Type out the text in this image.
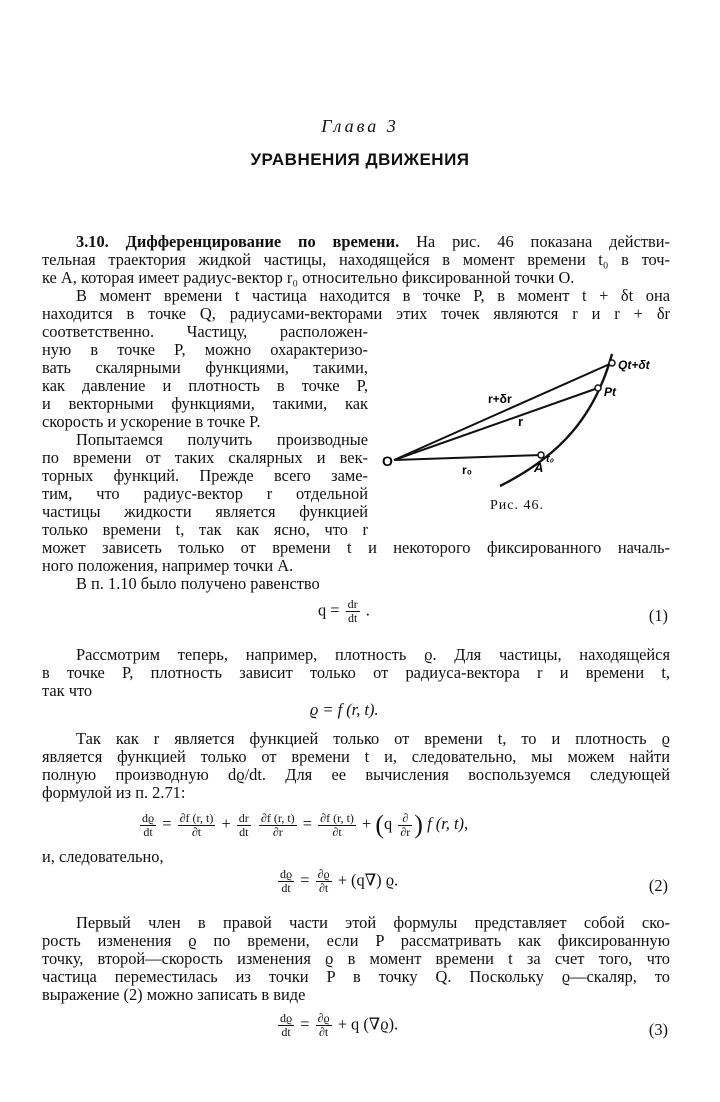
Глава 3
УРАВНЕНИЯ ДВИЖЕНИЯ
3.10. Дифференцирование по времени. На рис. 46 показана действи-
тельная траектория жидкой частицы, находящейся в момент времени t₀ в точ-
ке A, которая имеет радиус-вектор r₀ относительно фиксированной точки O.
В момент времени t частица находится в точке P, в момент t + δt она
находится в точке Q, радиусами-векторами этих точек являются r и r + δr
соответственно. Частицу, расположен-
ную в точке P, можно охарактеризо-
вать скалярными функциями, такими,
как давление и плотность в точке P,
и векторными функциями, такими, как
скорость и ускорение в точке P.
Попытаемся получить производные
по времени от таких скалярных и век-
торных функций. Прежде всего заме-
тим, что радиус-вектор r отдельной
частицы жидкости является функцией
только времени t, так как ясно, что r
может зависеть только от времени t и некоторого фиксированного началь-
ного положения, например точки A.
В п. 1.10 было получено равенство
$q = \frac{dr}{dt}$ .	(1)
Рассмотрим теперь, например, плотность ϱ. Для частицы, находящейся
в точке P, плотность зависит только от радиуса-вектора r и времени t,
так что
ϱ = f (r, t).
Так как r является функцией только от времени t, то и плотность ϱ
является функцией только от времени t и, следовательно, мы можем найти
полную производную dϱ/dt. Для ее вычисления воспользуемся следующей
формулой из п. 2.71:
$\frac{dϱ}{dt} = \frac{\partial f (r, t)}{\partial t} + \frac{dr}{dt}$
$\frac{\partial f (r, t)}{\partial r} = \frac{\partial f (r, t)}{\partial t} + (q \frac{\partial}{\partial r}$ ) f (r, t),
и, следовательно,
$\frac{dϱ}{dt} = \frac{\partial ϱ}{\partial t} + (q\nabla)$ ϱ.	(2)
Первый член в правой части этой формулы представляет собой ско-
рость изменения ϱ по времени, если P рассматривать как фиксированную
точку, второй—скорость изменения ϱ в момент времени t за счет того, что
частица переместилась из точки P в точку Q. Поскольку ϱ—скаляр, то
выражение (2) можно записать в виде
$\frac{dϱ}{dt} = \frac{\partial ϱ}{\partial t} + q$ (∇ϱ).	(3)
O
r₀	A
t₀
r
r+δr	Pt
Qt+δt
Рис. 46.
